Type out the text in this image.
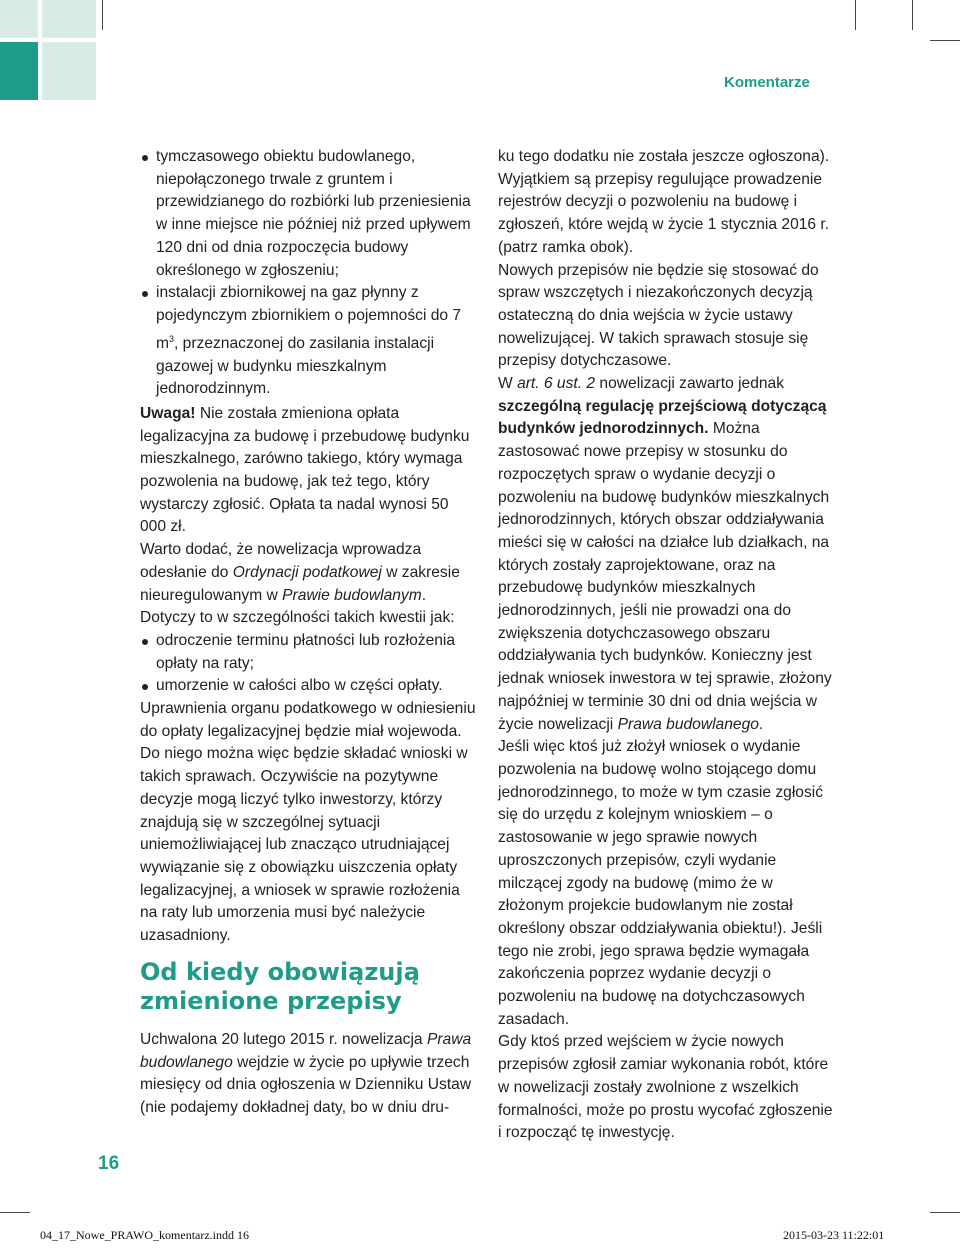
Komentarze

tymczasowego obiektu budowlanego, niepołączonego trwale z gruntem i przewidzianego do rozbiórki lub przeniesienia w inne miejsce nie później niż przed upływem 120 dni od dnia rozpoczęcia budowy określonego w zgłoszeniu;

instalacji zbiornikowej na gaz płynny z pojedynczym zbiornikiem o pojemności do 7 $m^3$, przeznaczonej do zasilania instalacji gazowej w budynku mieszkalnym jednorodzinnym.

Uwaga! Nie została zmieniona opłata legalizacyjna za budowę i przebudowę budynku mieszkalnego, zarówno takiego, który wymaga pozwolenia na budowę, jak też tego, który wystarczy zgłosić. Opłata ta nadal wynosi 50 000 zł.

Warto dodać, że nowelizacja wprowadza odesłanie do Ordynacji podatkowej w zakresie nieuregulowanym w Prawie budowlanym.

Dotyczy to w szczególności takich kwestii jak:

odroczenie terminu płatności lub rozłożenia opłaty na raty;

umorzenie w całości albo w części opłaty.

Uprawnienia organu podatkowego w odniesieniu do opłaty legalizacyjnej będzie miał wojewoda. Do niego można więc będzie składać wnioski w takich sprawach. Oczywiście na pozytywne decyzje mogą liczyć tylko inwestorzy, którzy znajdują się w szczególnej sytuacji uniemożliwiającej lub znacząco utrudniającej wywiązanie się z obowiązku uiszczenia opłaty legalizacyjnej, a wniosek w sprawie rozłożenia na raty lub umorzenia musi być należycie uzasadniony.

Od kiedy obowiązują zmienione przepisy

Uchwalona 20 lutego 2015 r. nowelizacja Prawa budowlanego wejdzie w życie po upływie trzech miesięcy od dnia ogłoszenia w Dzienniku Ustaw (nie podajemy dokładnej daty, bo w dniu dru-

ku tego dodatku nie została jeszcze ogłoszona). Wyjątkiem są przepisy regulujące prowadzenie rejestrów decyzji o pozwoleniu na budowę i zgłoszeń, które wejdą w życie 1 stycznia 2016 r. (patrz ramka obok).

Nowych przepisów nie będzie się stosować do spraw wszczętych i niezakończonych decyzją ostateczną do dnia wejścia w życie ustawy nowelizującej. W takich sprawach stosuje się przepisy dotychczasowe.

W art. 6 ust. 2 nowelizacji zawarto jednak szczególną regulację przejściową dotyczącą budynków jednorodzinnych. Można zastosować nowe przepisy w stosunku do rozpoczętych spraw o wydanie decyzji o pozwoleniu na budowę budynków mieszkalnych jednorodzinnych, których obszar oddziaływania mieści się w całości na działce lub działkach, na których zostały zaprojektowane, oraz na przebudowę budynków mieszkalnych jednorodzinnych, jeśli nie prowadzi ona do zwiększenia dotychczasowego obszaru oddziaływania tych budynków. Konieczny jest jednak wniosek inwestora w tej sprawie, złożony najpóźniej w terminie 30 dni od dnia wejścia w życie nowelizacji Prawa budowlanego.

Jeśli więc ktoś już złożył wniosek o wydanie pozwolenia na budowę wolno stojącego domu jednorodzinnego, to może w tym czasie zgłosić się do urzędu z kolejnym wnioskiem – o zastosowanie w jego sprawie nowych uproszczonych przepisów, czyli wydanie milczącej zgody na budowę (mimo że w złożonym projekcie budowlanym nie został określony obszar oddziaływania obiektu!). Jeśli tego nie zrobi, jego sprawa będzie wymagała zakończenia poprzez wydanie decyzji o pozwoleniu na budowę na dotychczasowych zasadach.

Gdy ktoś przed wejściem w życie nowych przepisów zgłosił zamiar wykonania robót, które w nowelizacji zostały zwolnione z wszelkich formalności, może po prostu wycofać zgłoszenie i rozpocząć tę inwestycję.

16
04_17_Nowe_PRAWO_komentarz.indd 16	2015-03-23 11:22:01
